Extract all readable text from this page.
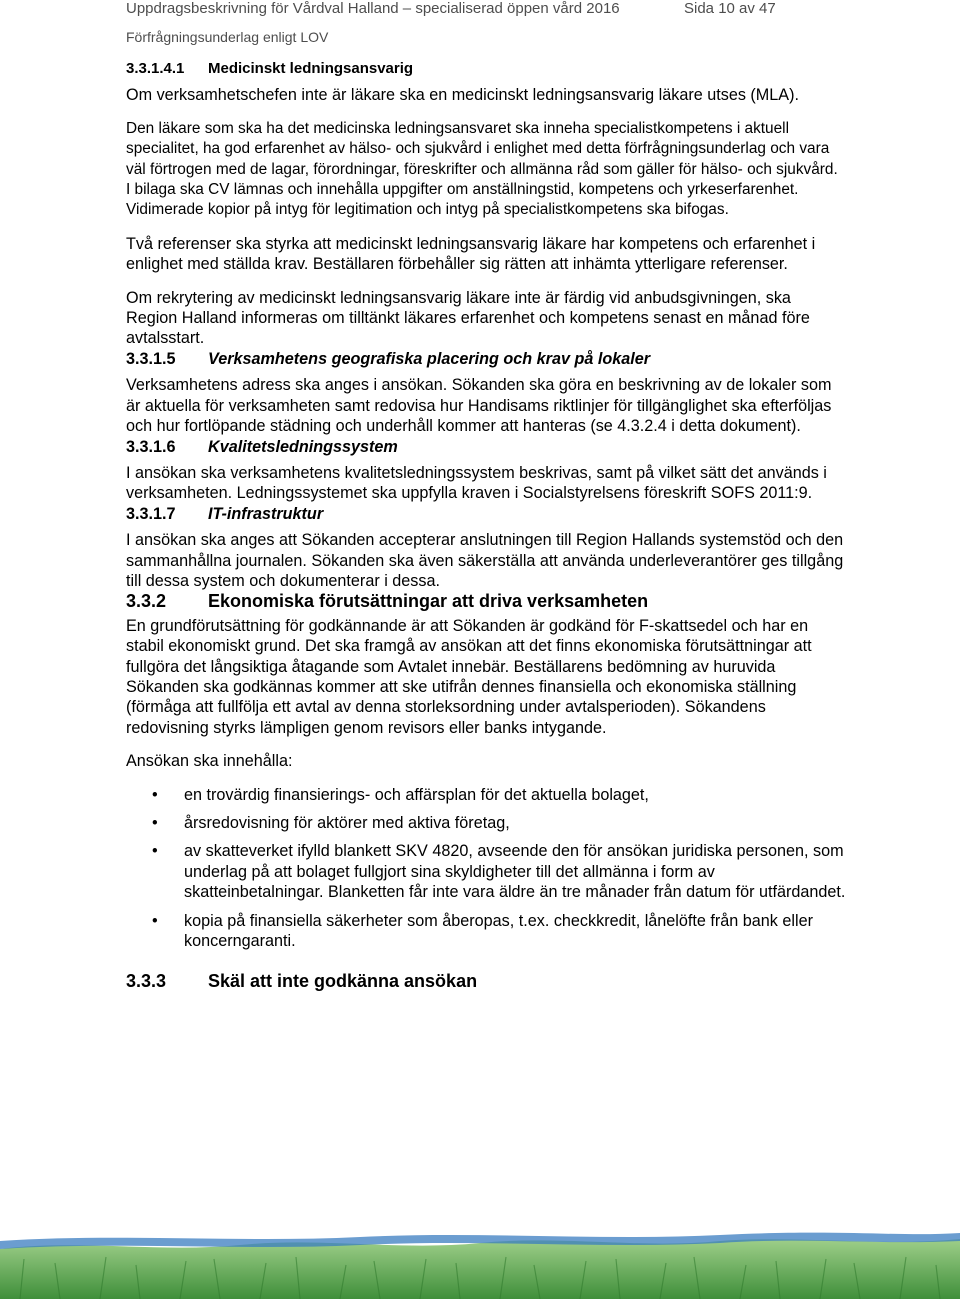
Uppdragsbeskrivning för Vårdval Halland – specialiserad öppen vård 2016	Sida 10 av 47
Förfrågningsunderlag enligt LOV
3.3.1.4.1 Medicinskt ledningsansvarig

Om verksamhetschefen inte är läkare ska en medicinskt ledningsansvarig läkare utses (MLA).

Den läkare som ska ha det medicinska ledningsansvaret ska inneha specialistkompetens i aktuell specialitet, ha god erfarenhet av hälso- och sjukvård i enlighet med detta förfrågningsunderlag och vara väl förtrogen med de lagar, förordningar, föreskrifter och allmänna råd som gäller för hälso- och sjukvård. I bilaga ska CV lämnas och innehålla uppgifter om anställningstid, kompetens och yrkeserfarenhet. Vidimerade kopior på intyg för legitimation och intyg på specialistkompetens ska bifogas.

Två referenser ska styrka att medicinskt ledningsansvarig läkare har kompetens och erfarenhet i enlighet med ställda krav. Beställaren förbehåller sig rätten att inhämta ytterligare referenser.

Om rekrytering av medicinskt ledningsansvarig läkare inte är färdig vid anbudsgivningen, ska Region Halland informeras om tilltänkt läkares erfarenhet och kompetens senast en månad före avtalsstart.

3.3.1.5 Verksamhetens geografiska placering och krav på lokaler

Verksamhetens adress ska anges i ansökan. Sökanden ska göra en beskrivning av de lokaler som är aktuella för verksamheten samt redovisa hur Handisams riktlinjer för tillgänglighet ska efterföljas och hur fortlöpande städning och underhåll kommer att hanteras (se 4.3.2.4 i detta dokument).

3.3.1.6 Kvalitetsledningssystem

I ansökan ska verksamhetens kvalitetsledningssystem beskrivas, samt på vilket sätt det används i verksamheten. Ledningssystemet ska uppfylla kraven i Socialstyrelsens föreskrift SOFS 2011:9.

3.3.1.7 IT-infrastruktur

I ansökan ska anges att Sökanden accepterar anslutningen till Region Hallands systemstöd och den sammanhållna journalen. Sökanden ska även säkerställa att använda underleverantörer ges tillgång till dessa system och dokumenterar i dessa.

3.3.2 Ekonomiska förutsättningar att driva verksamheten

En grundförutsättning för godkännande är att Sökanden är godkänd för F-skattsedel och har en stabil ekonomiskt grund. Det ska framgå av ansökan att det finns ekonomiska förutsättningar att fullgöra det långsiktiga åtagande som Avtalet innebär. Beställarens bedömning av huruvida Sökanden ska godkännas kommer att ske utifrån dennes finansiella och ekonomiska ställning (förmåga att fullfölja ett avtal av denna storleksordning under avtalsperioden). Sökandens redovisning styrks lämpligen genom revisors eller banks intygande.

Ansökan ska innehålla:

• en trovärdig finansierings- och affärsplan för det aktuella bolaget,
• årsredovisning för aktörer med aktiva företag,
• av skatteverket ifylld blankett SKV 4820, avseende den för ansökan juridiska personen, som underlag på att bolaget fullgjort sina skyldigheter till det allmänna i form av skatteinbetalningar. Blanketten får inte vara äldre än tre månader från datum för utfärdandet.
• kopia på finansiella säkerheter som åberopas, t.ex. checkkredit, lånelöfte från bank eller koncerngaranti.
3.3.3 Skäl att inte godkänna ansökan
